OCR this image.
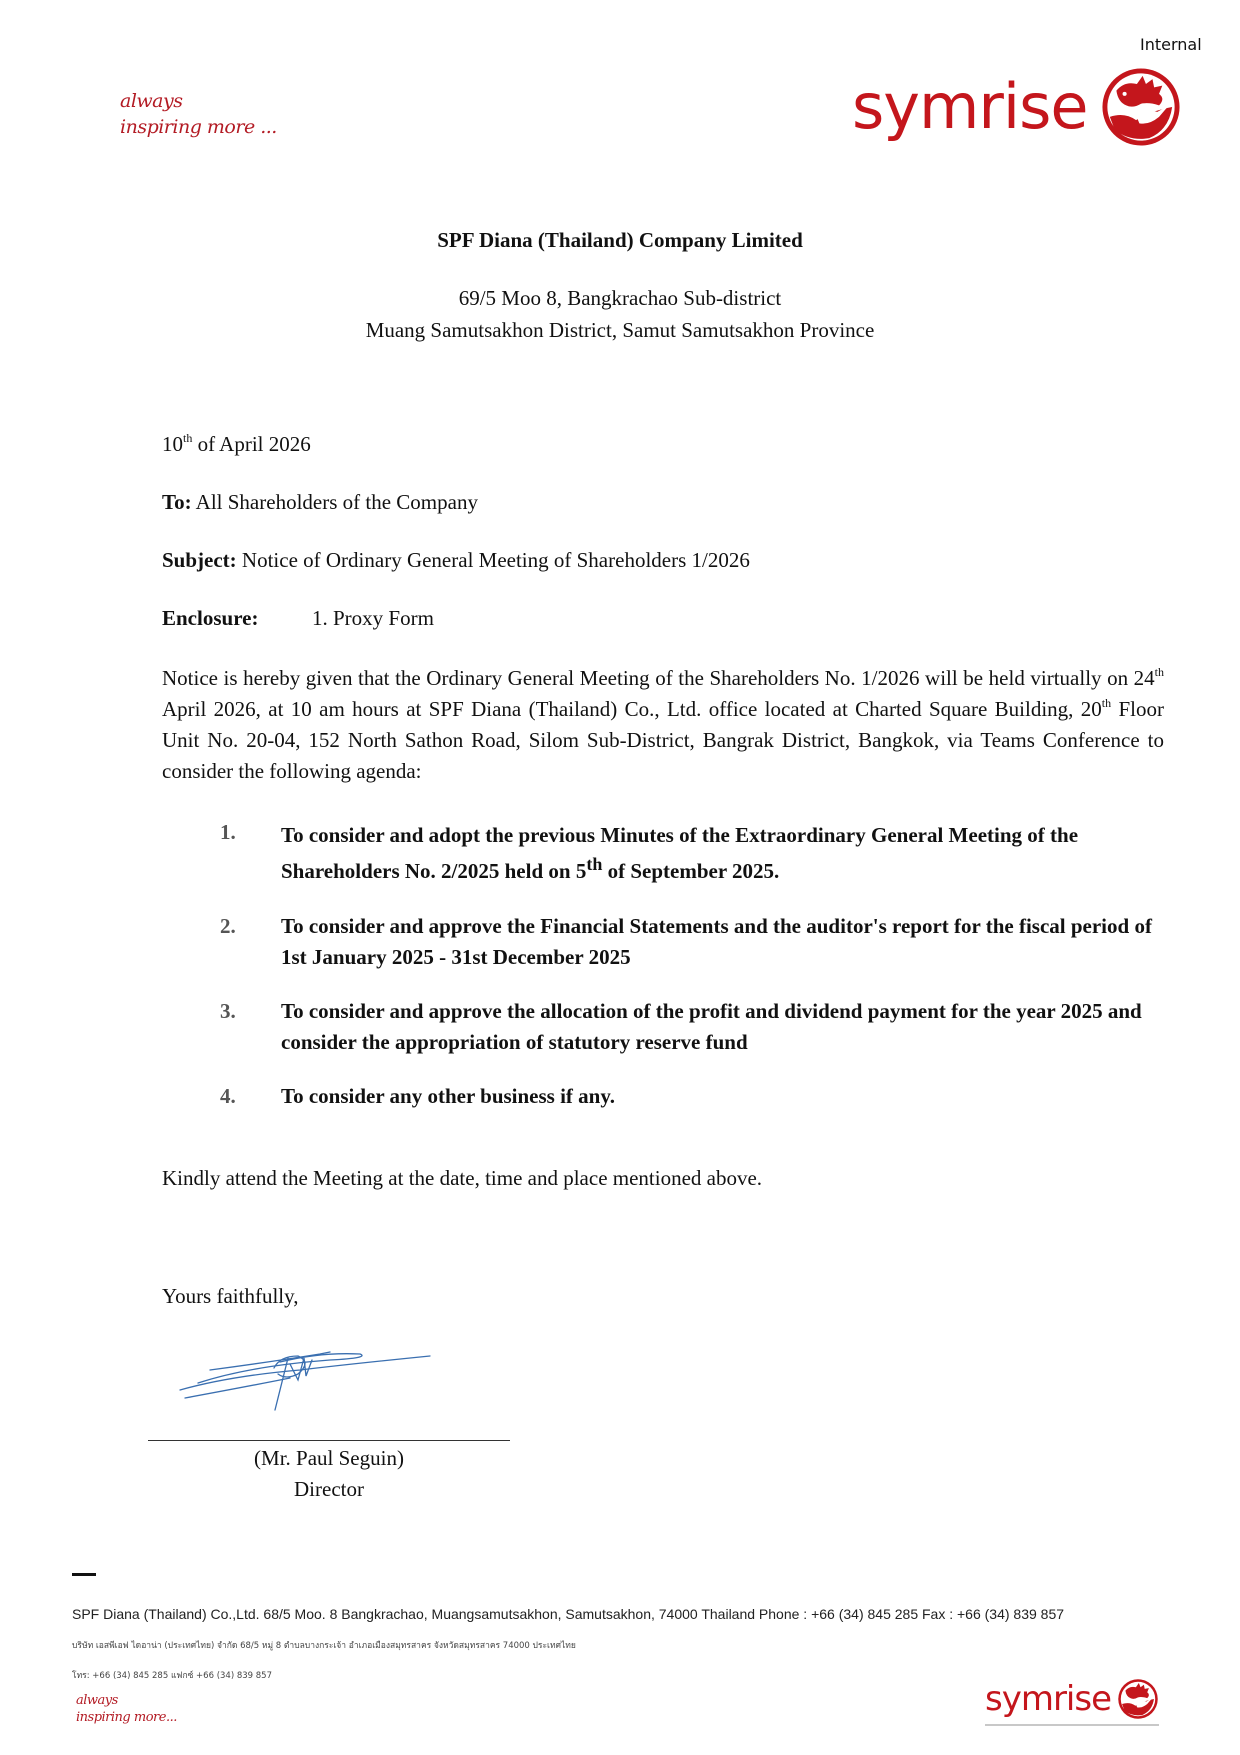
Internal
always
inspiring more ...	symrise
SPF Diana (Thailand) Company Limited
69/5 Moo 8, Bangkrachao Sub-district
Muang Samutsakhon District, Samut Samutsakhon Province
10th of April 2026
To: All Shareholders of the Company
Subject: Notice of Ordinary General Meeting of Shareholders 1/2026
Enclosure:	1. Proxy Form
Notice is hereby given that the Ordinary General Meeting of the Shareholders No. 1/2026 will be held virtually on 24th April 2026, at 10 am hours at SPF Diana (Thailand) Co., Ltd. office located at Charted Square Building, 20th Floor Unit No. 20-04, 152 North Sathon Road, Silom Sub-District, Bangrak District, Bangkok, via Teams Conference to consider the following agenda:
1. To consider and adopt the previous Minutes of the Extraordinary General Meeting of the Shareholders No. 2/2025 held on 5th of September 2025.
2. To consider and approve the Financial Statements and the auditor's report for the fiscal period of 1st January 2025 - 31st December 2025
3. To consider and approve the allocation of the profit and dividend payment for the year 2025 and consider the appropriation of statutory reserve fund
4. To consider any other business if any.
Kindly attend the Meeting at the date, time and place mentioned above.
Yours faithfully,
(Mr. Paul Seguin)
Director
SPF Diana (Thailand) Co.,Ltd. 68/5 Moo. 8 Bangkrachao, Muangsamutsakhon, Samutsakhon, 74000 Thailand Phone : +66 (34) 845 285 Fax : +66 (34) 839 857
บริษัท เอสพีเอฟ ไดอาน่า (ประเทศไทย) จำกัด 68/5 หมู่ 8 ตำบลบางกระเจ้า อำเภอเมืองสมุทรสาคร จังหวัดสมุทรสาคร 74000 ประเทศไทย
โทร: +66 (34) 845 285 แฟกซ์ +66 (34) 839 857
always
inspiring more...	symrise
